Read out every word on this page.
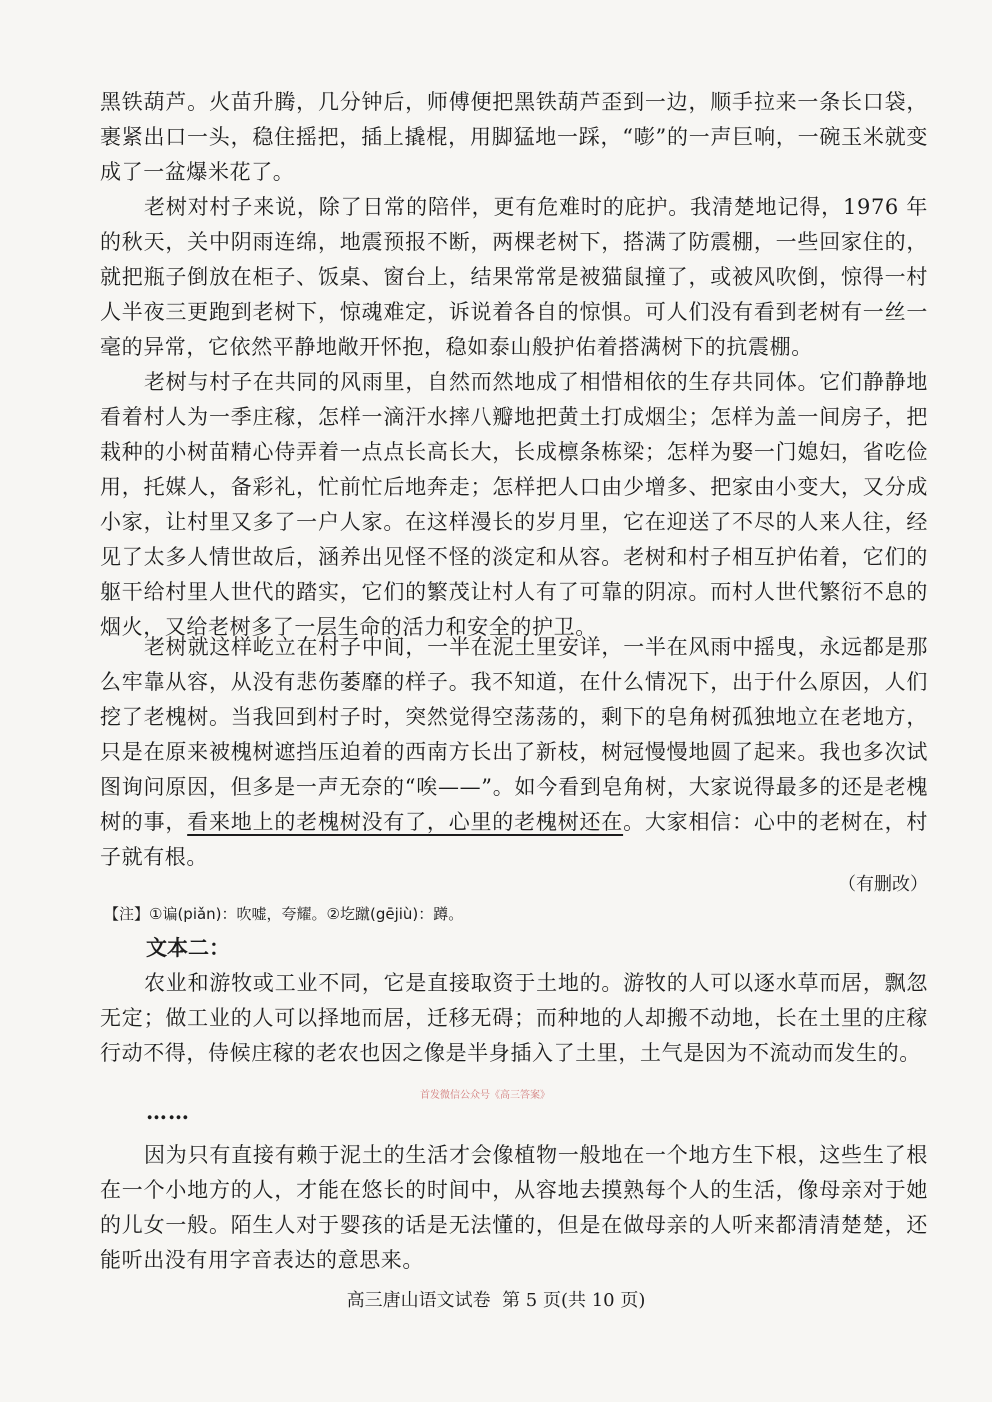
黑铁葫芦。火苗升腾，几分钟后，师傅便把黑铁葫芦歪到一边，顺手拉来一条长口袋，裹紧出口一头，稳住摇把，插上撬棍，用脚猛地一踩，“嘭”的一声巨响，一碗玉米就变成了一盆爆米花了。

老树对村子来说，除了日常的陪伴，更有危难时的庇护。我清楚地记得，1976 年的秋天，关中阴雨连绵，地震预报不断，两棵老树下，搭满了防震棚，一些回家住的，就把瓶子倒放在柜子、饭桌、窗台上，结果常常是被猫鼠撞了，或被风吹倒，惊得一村人半夜三更跑到老树下，惊魂难定，诉说着各自的惊惧。可人们没有看到老树有一丝一毫的异常，它依然平静地敞开怀抱，稳如泰山般护佑着搭满树下的抗震棚。

老树与村子在共同的风雨里，自然而然地成了相惜相依的生存共同体。它们静静地看着村人为一季庄稼，怎样一滴汗水摔八瓣地把黄土打成烟尘；怎样为盖一间房子，把栽种的小树苗精心侍弄着一点点长高长大，长成檩条栋梁；怎样为娶一门媳妇，省吃俭用，托媒人，备彩礼，忙前忙后地奔走；怎样把人口由少增多、把家由小变大，又分成小家，让村里又多了一户人家。在这样漫长的岁月里，它在迎送了不尽的人来人往，经见了太多人情世故后，涵养出见怪不怪的淡定和从容。老树和村子相互护佑着，它们的躯干给村里人世代的踏实，它们的繁茂让村人有了可靠的阴凉。而村人世代繁衍不息的烟火，又给老树多了一层生命的活力和安全的护卫。

老树就这样屹立在村子中间，一半在泥土里安详，一半在风雨中摇曳，永远都是那么牢靠从容，从没有悲伤萎靡的样子。我不知道，在什么情况下，出于什么原因，人们挖了老槐树。当我回到村子时，突然觉得空荡荡的，剩下的皂角树孤独地立在老地方，只是在原来被槐树遮挡压迫着的西南方长出了新枝，树冠慢慢地圆了起来。我也多次试图询问原因，但多是一声无奈的“唉——”。如今看到皂角树，大家说得最多的还是老槐树的事，看来地上的老槐树没有了，心里的老槐树还在。大家相信：心中的老树在，村子就有根。

（有删改）

【注】①谝(piǎn)：吹嘘，夸耀。②圪蹴(gējiù)：蹲。

文本二：

农业和游牧或工业不同，它是直接取资于土地的。游牧的人可以逐水草而居，飘忽无定；做工业的人可以择地而居，迁移无碍；而种地的人却搬不动地，长在土里的庄稼行动不得，侍候庄稼的老农也因之像是半身插入了土里，土气是因为不流动而发生的。

首发微信公众号《高三答案》

……

因为只有直接有赖于泥土的生活才会像植物一般地在一个地方生下根，这些生了根在一个小地方的人，才能在悠长的时间中，从容地去摸熟每个人的生活，像母亲对于她的儿女一般。陌生人对于婴孩的话是无法懂的，但是在做母亲的人听来都清清楚楚，还能听出没有用字音表达的意思来。

高三唐山语文试卷 第 5 页(共 10 页)
